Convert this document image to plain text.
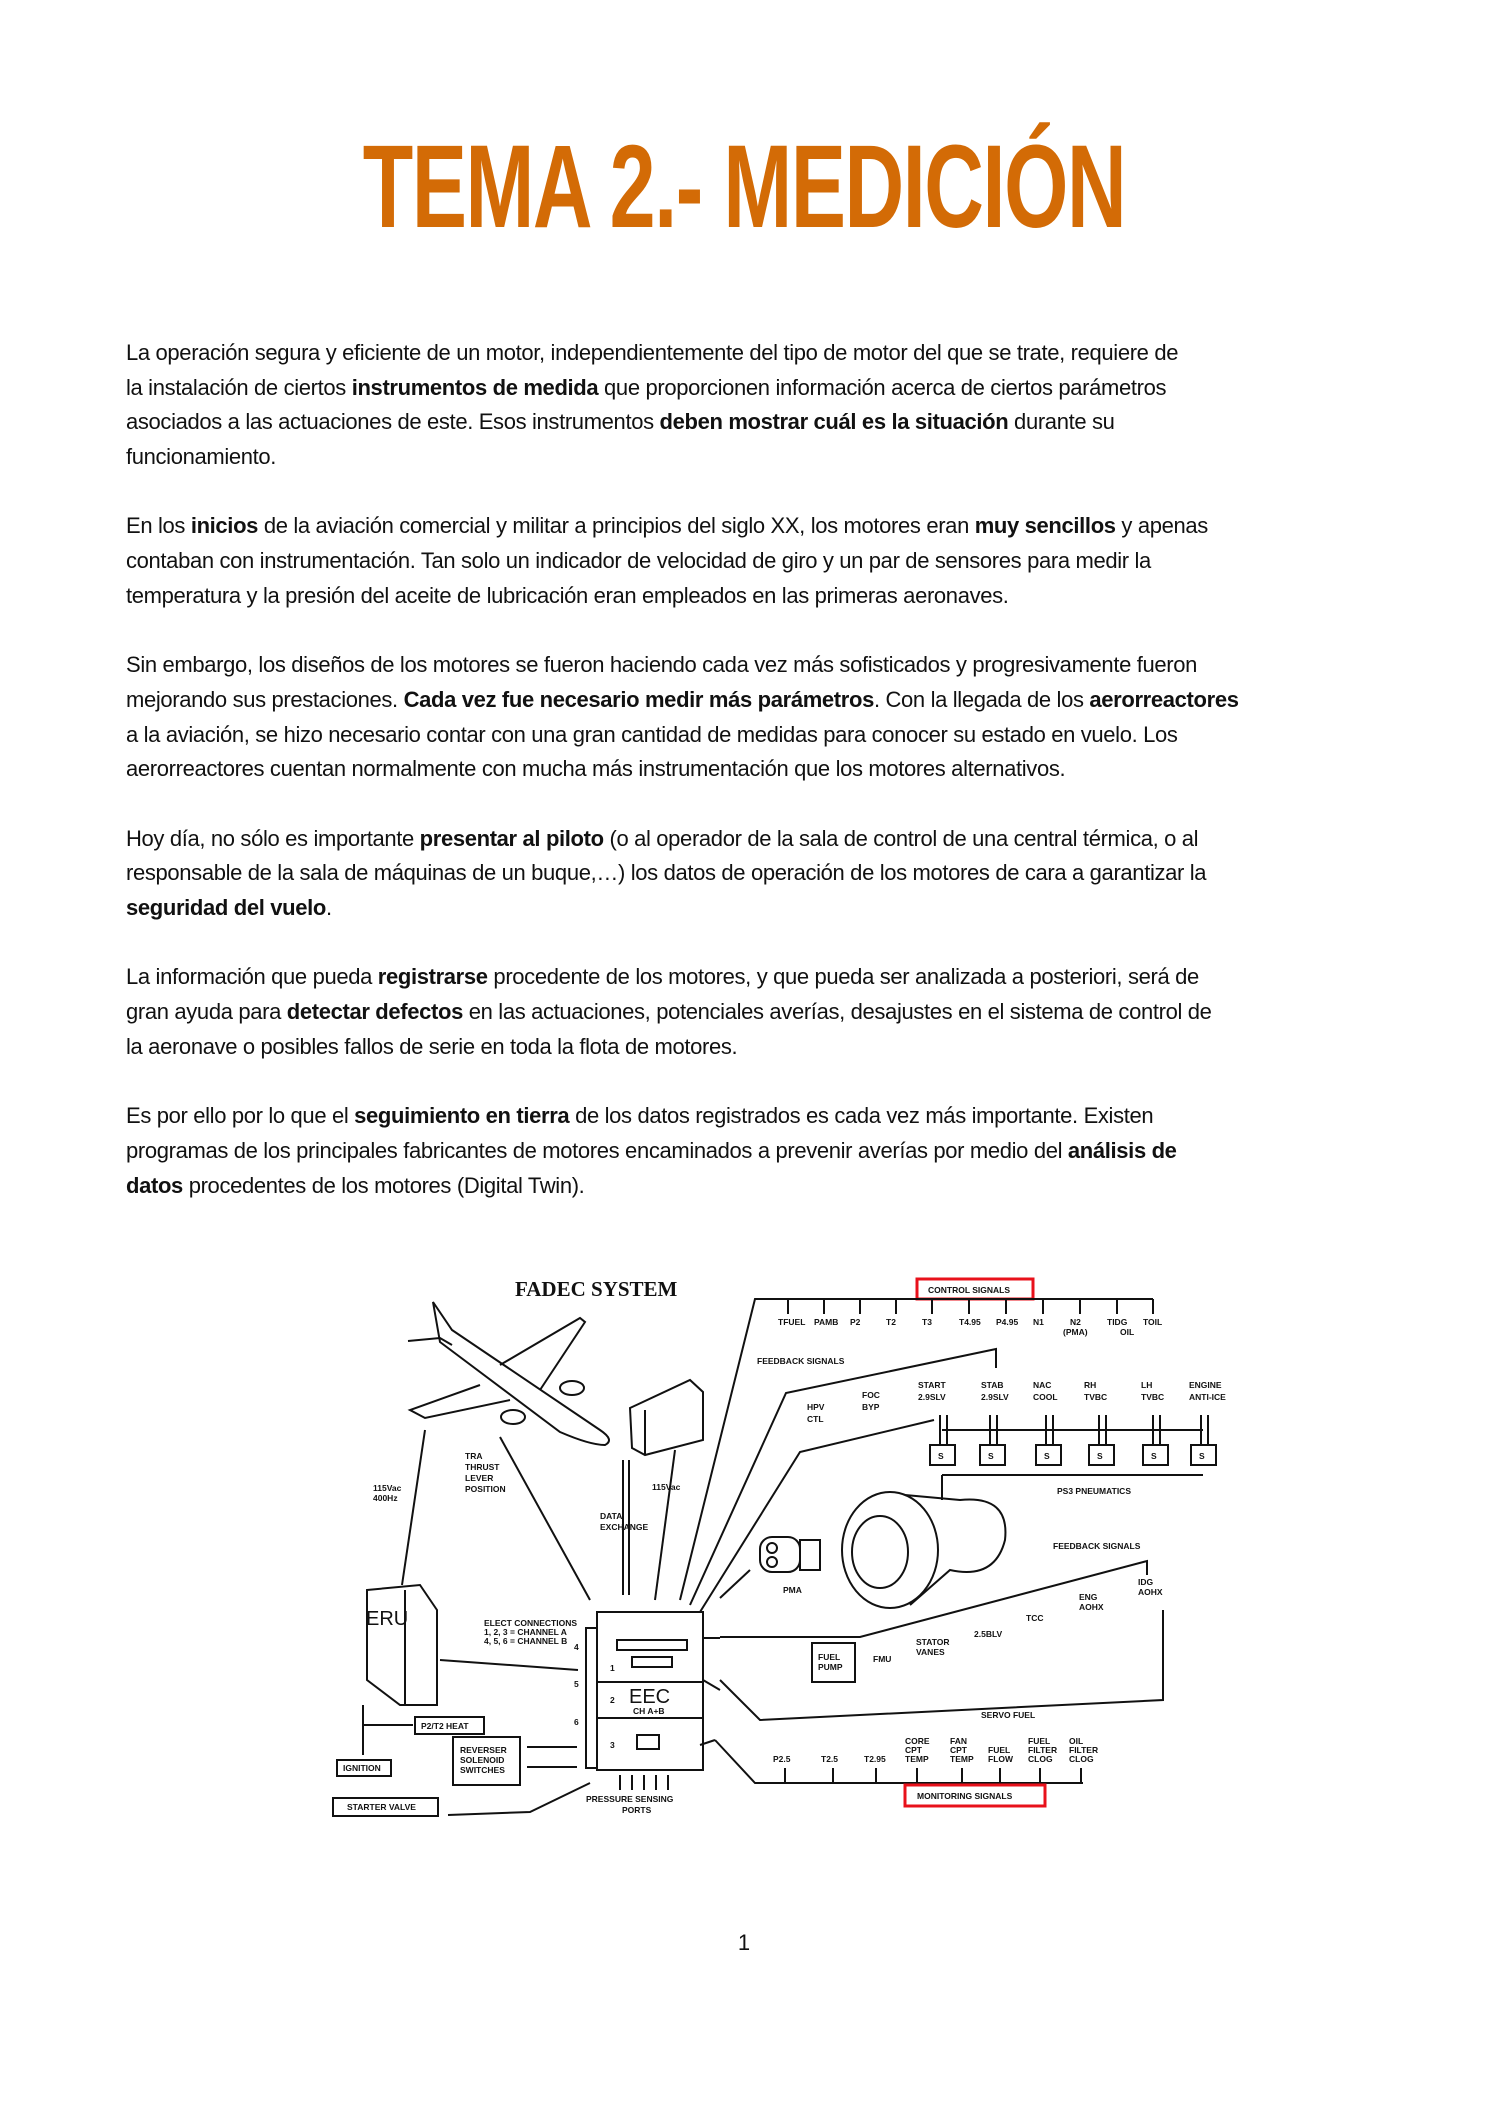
TEMA 2.- MEDICIÓN
La operación segura y eficiente de un motor, independientemente del tipo de motor del que se trate, requiere de
la instalación de ciertos instrumentos de medida que proporcionen información acerca de ciertos parámetros
asociados a las actuaciones de este. Esos instrumentos deben mostrar cuál es la situación durante su
funcionamiento.
En los inicios de la aviación comercial y militar a principios del siglo XX, los motores eran muy sencillos y apenas
contaban con instrumentación. Tan solo un indicador de velocidad de giro y un par de sensores para medir la
temperatura y la presión del aceite de lubricación eran empleados en las primeras aeronaves.
Sin embargo, los diseños de los motores se fueron haciendo cada vez más sofisticados y progresivamente fueron
mejorando sus prestaciones. Cada vez fue necesario medir más parámetros. Con la llegada de los aerorreactores
a la aviación, se hizo necesario contar con una gran cantidad de medidas para conocer su estado en vuelo. Los
aerorreactores cuentan normalmente con mucha más instrumentación que los motores alternativos.
Hoy día, no sólo es importante presentar al piloto (o al operador de la sala de control de una central térmica, o al
responsable de la sala de máquinas de un buque,…) los datos de operación de los motores de cara a garantizar la
seguridad del vuelo.
La información que pueda registrarse procedente de los motores, y que pueda ser analizada a posteriori, será de
gran ayuda para detectar defectos en las actuaciones, potenciales averías, desajustes en el sistema de control de
la aeronave o posibles fallos de serie en toda la flota de motores.
Es por ello por lo que el seguimiento en tierra de los datos registrados es cada vez más importante. Existen
programas de los principales fabricantes de motores encaminados a prevenir averías por medio del análisis de
datos procedentes de los motores (Digital Twin).
FADEC SYSTEM
115Vac
400Hz
TRA
THRUST
LEVER
POSITION
DATA
EXCHANGE
115Vac
CONTROL SIGNALS
TFUEL PAMB P2	T2	T3	T4.95 P4.95 N1	N2	TIDG TOIL
(PMA)	OIL
FEEDBACK SIGNALS
HPV
CTL
FOC
BYP
START
2.9SLV
STAB
2.9SLV
NAC
COOL
RH
TVBC
LH
TVBC
ENGINE
ANTI-ICE
S	S	S	S	S	S
PS3 PNEUMATICS
PMA
FEEDBACK SIGNALS
FUEL
PUMP
FMU
STATOR
VANES
2.5BLV
TCC
ENG
AOHX
IDG
AOHX
SERVO FUEL
P2.5	T2.5	T2.95
CORE
CPT
TEMP
FAN
CPT
TEMP
FUEL
FLOW
FUEL
FILTER
CLOG
OIL
FILTER
CLOG
MONITORING SIGNALS
EEC
CH A+B
1
2
3
4
5
6
ERU	ELECT CONNECTIONS
1, 2, 3 = CHANNEL A
4, 5, 6 = CHANNEL B
P2/T2 HEAT
IGNITION
REVERSER
SOLENOID
SWITCHES
STARTER VALVE
PRESSURE SENSING
PORTS
1
